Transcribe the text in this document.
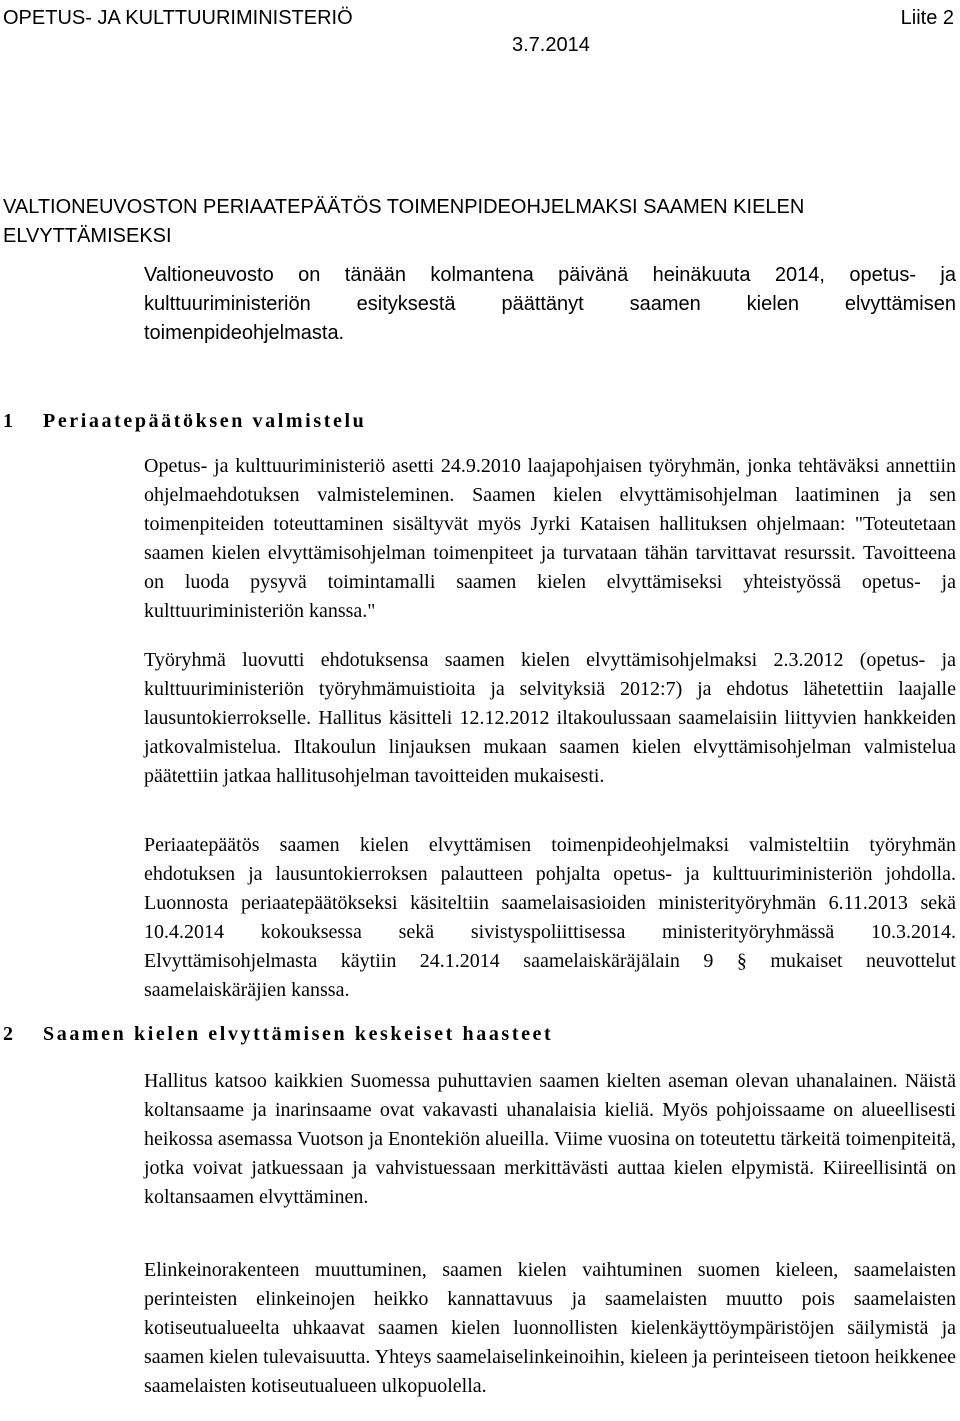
OPETUS- JA KULTTUURIMINISTERIÖ	Liite 2
3.7.2014
VALTIONEUVOSTON PERIAATEPÄÄTÖS TOIMENPIDEOHJELMAKSI SAAMEN KIELEN ELVYTTÄMISEKSI

Valtioneuvosto on tänään kolmantena päivänä heinäkuuta 2014, opetus- ja kulttuuriministeriön esityksestä päättänyt saamen kielen elvyttämisen toimenpideohjelmasta.

1 Periaatepäätöksen valmistelu

Opetus- ja kulttuuriministeriö asetti 24.9.2010 laajapohjaisen työryhmän, jonka tehtäväksi annettiin ohjelmaehdotuksen valmisteleminen. Saamen kielen elvyttämisohjelman laatiminen ja sen toimenpiteiden toteuttaminen sisältyvät myös Jyrki Kataisen hallituksen ohjelmaan: "Toteutetaan saamen kielen elvyttämisohjelman toimenpiteet ja turvataan tähän tarvittavat resurssit. Tavoitteena on luoda pysyvä toimintamalli saamen kielen elvyttämiseksi yhteistyössä opetus- ja kulttuuriministeriön kanssa."

Työryhmä luovutti ehdotuksensa saamen kielen elvyttämisohjelmaksi 2.3.2012 (opetus- ja kulttuuriministeriön työryhmämuistioita ja selvityksiä 2012:7) ja ehdotus lähetettiin laajalle lausuntokierrokselle. Hallitus käsitteli 12.12.2012 iltakoulussaan saamelaisiin liittyvien hankkeiden jatkovalmistelua. Iltakoulun linjauksen mukaan saamen kielen elvyttämisohjelman valmistelua päätettiin jatkaa hallitusohjelman tavoitteiden mukaisesti.

Periaatepäätös saamen kielen elvyttämisen toimenpideohjelmaksi valmisteltiin työryhmän ehdotuksen ja lausuntokierroksen palautteen pohjalta opetus- ja kulttuuriministeriön johdolla. Luonnosta periaatepäätökseksi käsiteltiin saamelaisasioiden ministerityöryhmän 6.11.2013 sekä 10.4.2014 kokouksessa sekä sivistyspoliittisessa ministerityöryhmässä 10.3.2014. Elvyttämisohjelmasta käytiin 24.1.2014 saamelaiskäräjälain 9 § mukaiset neuvottelut saamelaiskäräjien kanssa.

2 Saamen kielen elvyttämisen keskeiset haasteet

Hallitus katsoo kaikkien Suomessa puhuttavien saamen kielten aseman olevan uhanalainen. Näistä koltansaame ja inarinsaame ovat vakavasti uhanalaisia kieliä. Myös pohjoissaame on alueellisesti heikossa asemassa Vuotson ja Enontekiön alueilla. Viime vuosina on toteutettu tärkeitä toimenpiteitä, jotka voivat jatkuessaan ja vahvistuessaan merkittävästi auttaa kielen elpymistä. Kiireellisintä on koltansaamen elvyttäminen.

Elinkeinorakenteen muuttuminen, saamen kielen vaihtuminen suomen kieleen, saamelaisten perinteisten elinkeinojen heikko kannattavuus ja saamelaisten muutto pois saamelaisten kotiseutualueelta uhkaavat saamen kielen luonnollisten kielenkäyttöympäristöjen säilymistä ja saamen kielen tulevaisuutta. Yhteys saamelaiselinkeinoihin, kieleen ja perinteiseen tietoon heikkenee saamelaisten kotiseutualueen ulkopuolella.
